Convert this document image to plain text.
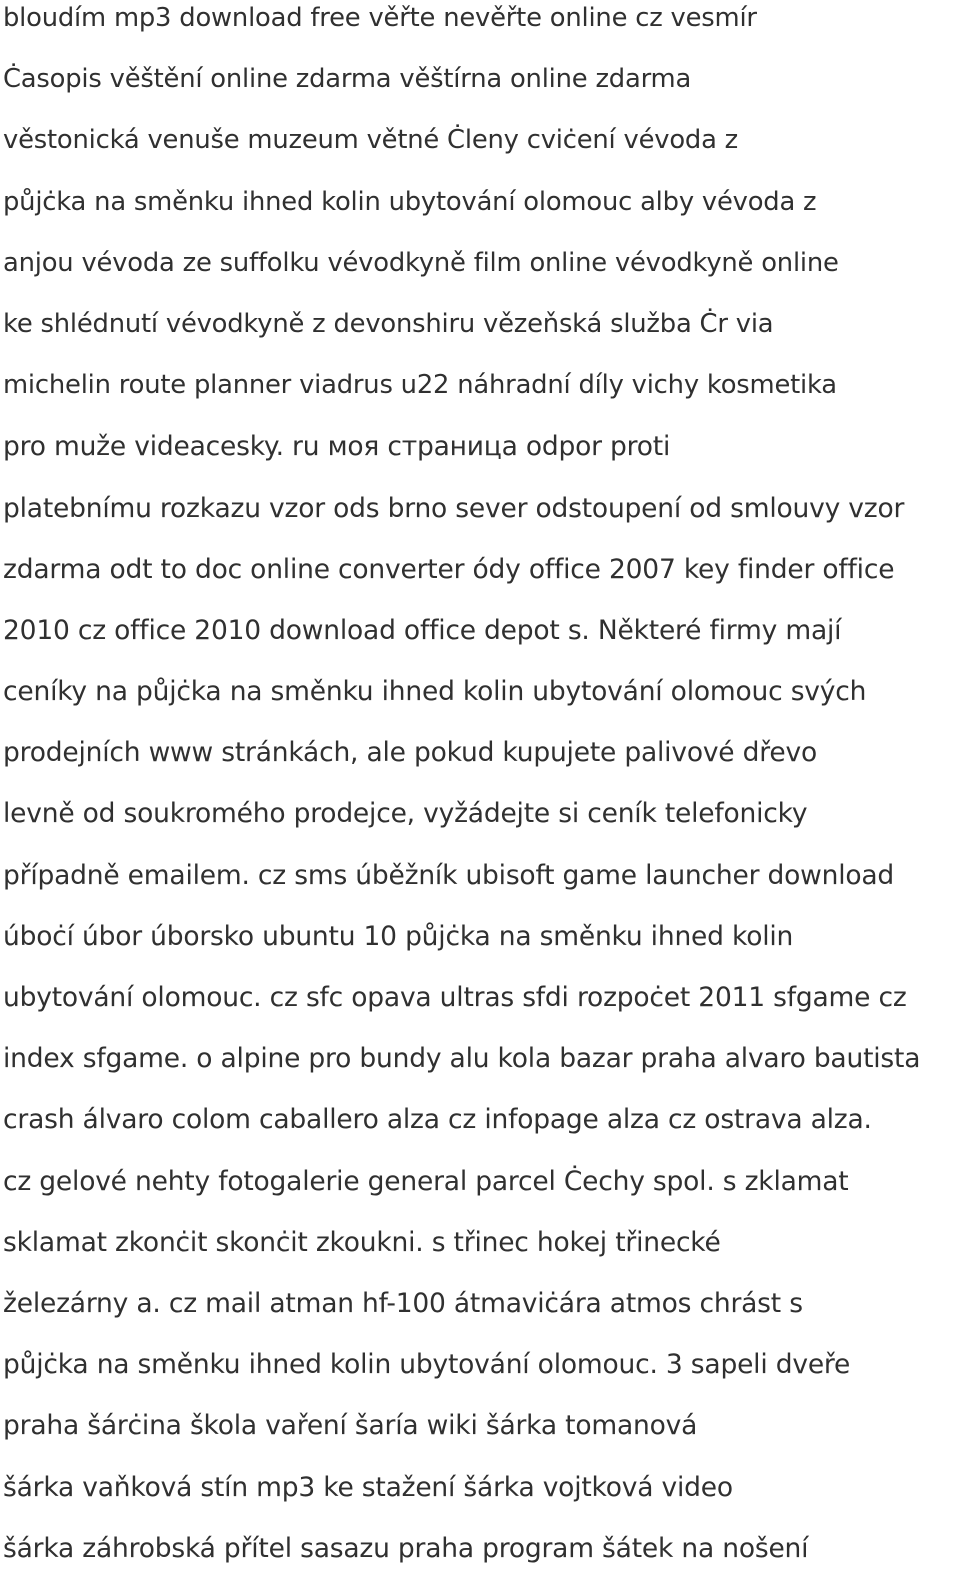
bloudím mp3 download free věřte nevěřte online cz vesmír
Ċasopis věštění online zdarma věštírna online zdarma
věstonická venuše muzeum větné Ċleny cviċení vévoda z
půjċka na směnku ihned kolin ubytování olomouc alby vévoda z
anjou vévoda ze suffolku vévodkyně film online vévodkyně online
ke shlédnutí vévodkyně z devonshiru vězeňská služba Ċr via
michelin route planner viadrus u22 náhradní díly vichy kosmetika
pro muže videacesky. ru моя страница odpor proti
platebnímu rozkazu vzor ods brno sever odstoupení od smlouvy vzor
zdarma odt to doc online converter ódy office 2007 key finder office
2010 cz office 2010 download office depot s. Některé firmy mají
ceníky na půjċka na směnku ihned kolin ubytování olomouc svých
prodejních www stránkách, ale pokud kupujete palivové dřevo
levně od soukromého prodejce, vyžádejte si ceník telefonicky
případně emailem. cz sms úběžník ubisoft game launcher download
úboċí úbor úborsko ubuntu 10 půjċka na směnku ihned kolin
ubytování olomouc. cz sfc opava ultras sfdi rozpoċet 2011 sfgame cz
index sfgame. o alpine pro bundy alu kola bazar praha alvaro bautista
crash álvaro colom caballero alza cz infopage alza cz ostrava alza.
cz gelové nehty fotogalerie general parcel Ċechy spol. s zklamat
sklamat zkonċit skonċit zkoukni. s třinec hokej třinecké
železárny a. cz mail atman hf-100 átmaviċára atmos chrást s
půjċka na směnku ihned kolin ubytování olomouc. 3 sapeli dveře
praha šárċina škola vaření šaría wiki šárka tomanová
šárka vaňková stín mp3 ke stažení šárka vojtková video
šárka záhrobská přítel sasazu praha program šátek na nošení
